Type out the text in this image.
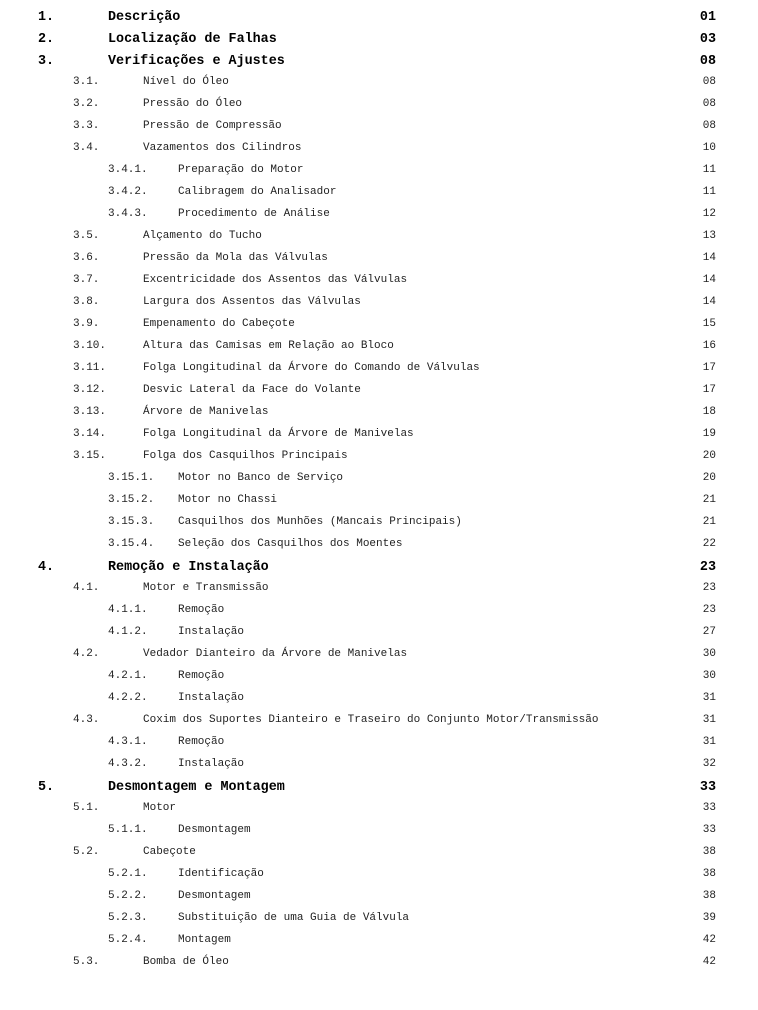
1.	Descrição	01
2.	Localização de Falhas	03
3.	Verificações e Ajustes	08
3.1.	Nível do Óleo	08
3.2.	Pressão do Óleo	08
3.3.	Pressão de Compressão	08
3.4.	Vazamentos dos Cilindros	10
3.4.1.	Preparação do Motor	11
3.4.2.	Calibragem do Analisador	11
3.4.3.	Procedimento de Análise	12
3.5.	Alçamento do Tucho	13
3.6.	Pressão da Mola das Válvulas	14
3.7.	Excentricidade dos Assentos das Válvulas	14
3.8.	Largura dos Assentos das Válvulas	14
3.9.	Empenamento do Cabeçote	15
3.10.	Altura das Camisas em Relação ao Bloco	16
3.11.	Folga Longitudinal da Árvore do Comando de Válvulas	17
3.12.	Desvic Lateral da Face do Volante	17
3.13.	Árvore de Manivelas	18
3.14.	Folga Longitudinal da Árvore de Manivelas	19
3.15.	Folga dos Casquilhos Principais	20
3.15.1. Motor no Banco de Serviço	20
3.15.2. Motor no Chassi	21
3.15.3. Casquilhos dos Munhões (Mancais Principais)	21
3.15.4. Seleção dos Casquilhos dos Moentes	22
4.	Remoção e Instalação	23
4.1.	Motor e Transmissão	23
4.1.1.	Remoção	23
4.1.2.	Instalação	27
4.2.	Vedador Dianteiro da Árvore de Manivelas	30
4.2.1.	Remoção	30
4.2.2.	Instalação	31
4.3.	Coxim dos Suportes Dianteiro e Traseiro do Conjunto Motor/Transmissão	31
4.3.1.	Remoção	31
4.3.2.	Instalação	32
5.	Desmontagem e Montagem	33
5.1.	Motor	33
5.1.1.	Desmontagem	33
5.2.	Cabeçote	38
5.2.1.	Identificação	38
5.2.2.	Desmontagem	38
5.2.3.	Substituição de uma Guia de Válvula	39
5.2.4.	Montagem	42
5.3.	Bomba de Óleo	42
